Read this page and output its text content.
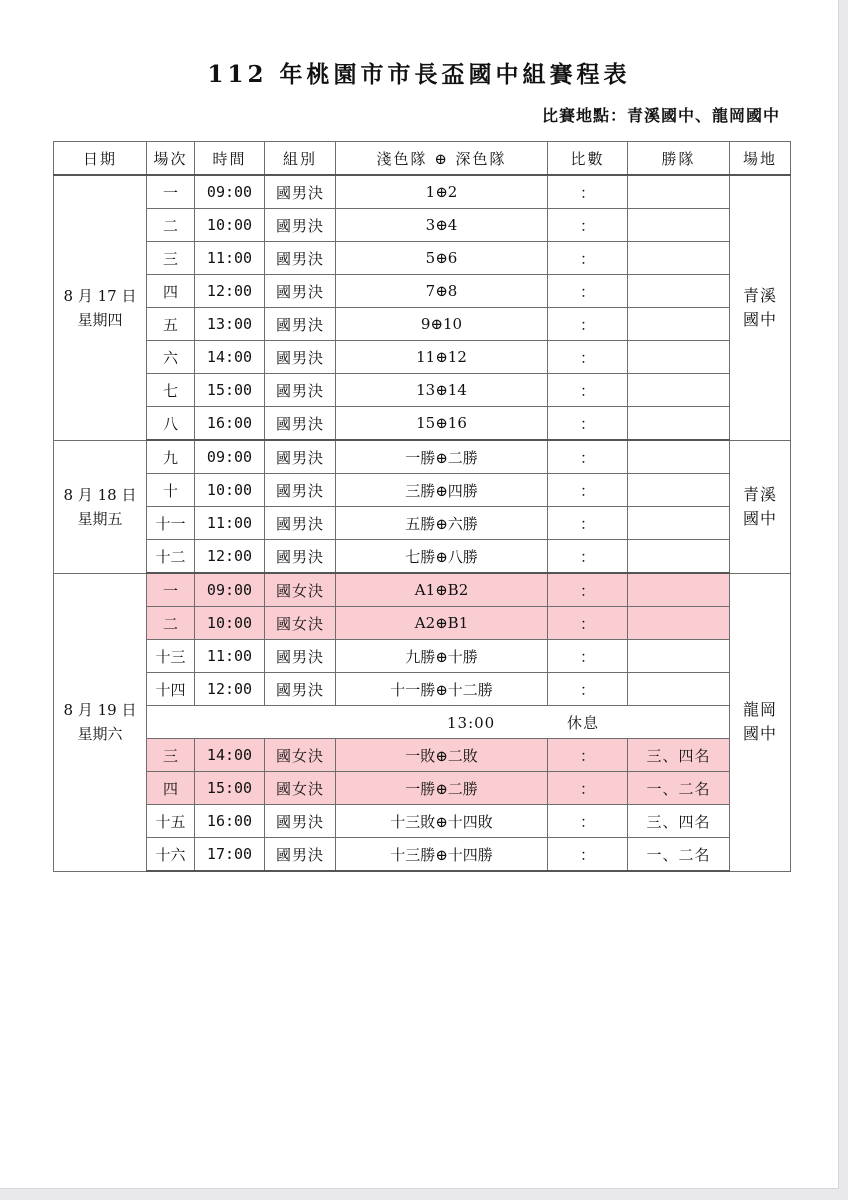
112 年桃園市市長盃國中組賽程表
比賽地點：青溪國中、龍岡國中
日期	場次	時間	組別	淺色隊 ⊕ 深色隊	比數	勝隊	場地

8 月 17 日
星期四	一	09:00	國男決	1⊕2	：		青溪
國中

	二	10:00	國男決	3⊕4	：		
	三	11:00	國男決	5⊕6	：		
	四	12:00	國男決	7⊕8	：		
	五	13:00	國男決	9⊕10	：		
	六	14:00	國男決	11⊕12	：		
	七	15:00	國男決	13⊕14	：		
	八	16:00	國男決	15⊕16	：		

8 月 18 日
星期五	九	09:00	國男決	一勝⊕二勝	：		青溪
國中

	十	10:00	國男決	三勝⊕四勝	：		
	十一	11:00	國男決	五勝⊕六勝	：		
	十二	12:00	國男決	七勝⊕八勝	：		

8 月 19 日
星期六	一	09:00	國女決	A1⊕B2	：		龍岡
國中

	二	10:00	國女決	A2⊕B1	：		
	十三	11:00	國男決	九勝⊕十勝	：		
	十四	12:00	國男決	十一勝⊕十二勝	：		
	13:00 休息						
	三	14:00	國女決	一敗⊕二敗	：	三、四名	
	四	15:00	國女決	一勝⊕二勝	：	一、二名	
	十五	16:00	國男決	十三敗⊕十四敗	：	三、四名	
	十六	17:00	國男決	十三勝⊕十四勝	：	一、二名	
